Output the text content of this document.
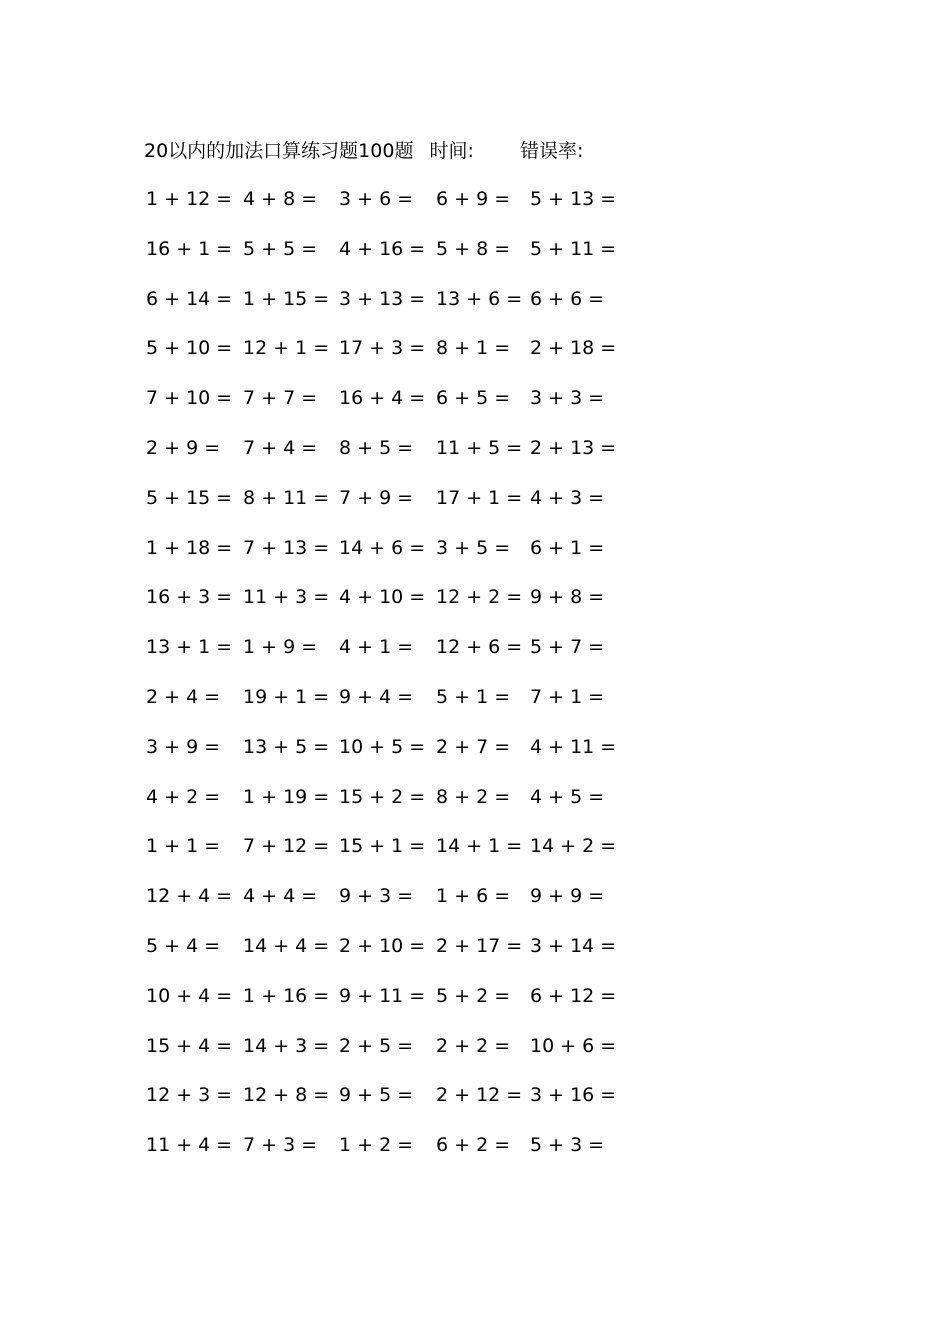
20以内的加法口算练习题100题 时间: 错误率:
1 + 12 = 4 + 8 = 3 + 6 = 6 + 9 = 5 + 13 =
16 + 1 = 5 + 5 = 4 + 16 = 5 + 8 = 5 + 11 =
6 + 14 = 1 + 15 = 3 + 13 = 13 + 6 = 6 + 6 =
5 + 10 = 12 + 1 = 17 + 3 = 8 + 1 = 2 + 18 =
7 + 10 = 7 + 7 = 16 + 4 = 6 + 5 = 3 + 3 =
2 + 9 = 7 + 4 = 8 + 5 = 11 + 5 = 2 + 13 =
5 + 15 = 8 + 11 = 7 + 9 = 17 + 1 = 4 + 3 =
1 + 18 = 7 + 13 = 14 + 6 = 3 + 5 = 6 + 1 =
16 + 3 = 11 + 3 = 4 + 10 = 12 + 2 = 9 + 8 =
13 + 1 = 1 + 9 = 4 + 1 = 12 + 6 = 5 + 7 =
2 + 4 = 19 + 1 = 9 + 4 = 5 + 1 = 7 + 1 =
3 + 9 = 13 + 5 = 10 + 5 = 2 + 7 = 4 + 11 =
4 + 2 = 1 + 19 = 15 + 2 = 8 + 2 = 4 + 5 =
1 + 1 = 7 + 12 = 15 + 1 = 14 + 1 = 14 + 2 =
12 + 4 = 4 + 4 = 9 + 3 = 1 + 6 = 9 + 9 =
5 + 4 = 14 + 4 = 2 + 10 = 2 + 17 = 3 + 14 =
10 + 4 = 1 + 16 = 9 + 11 = 5 + 2 = 6 + 12 =
15 + 4 = 14 + 3 = 2 + 5 = 2 + 2 = 10 + 6 =
12 + 3 = 12 + 8 = 9 + 5 = 2 + 12 = 3 + 16 =
11 + 4 = 7 + 3 = 1 + 2 = 6 + 2 = 5 + 3 =
